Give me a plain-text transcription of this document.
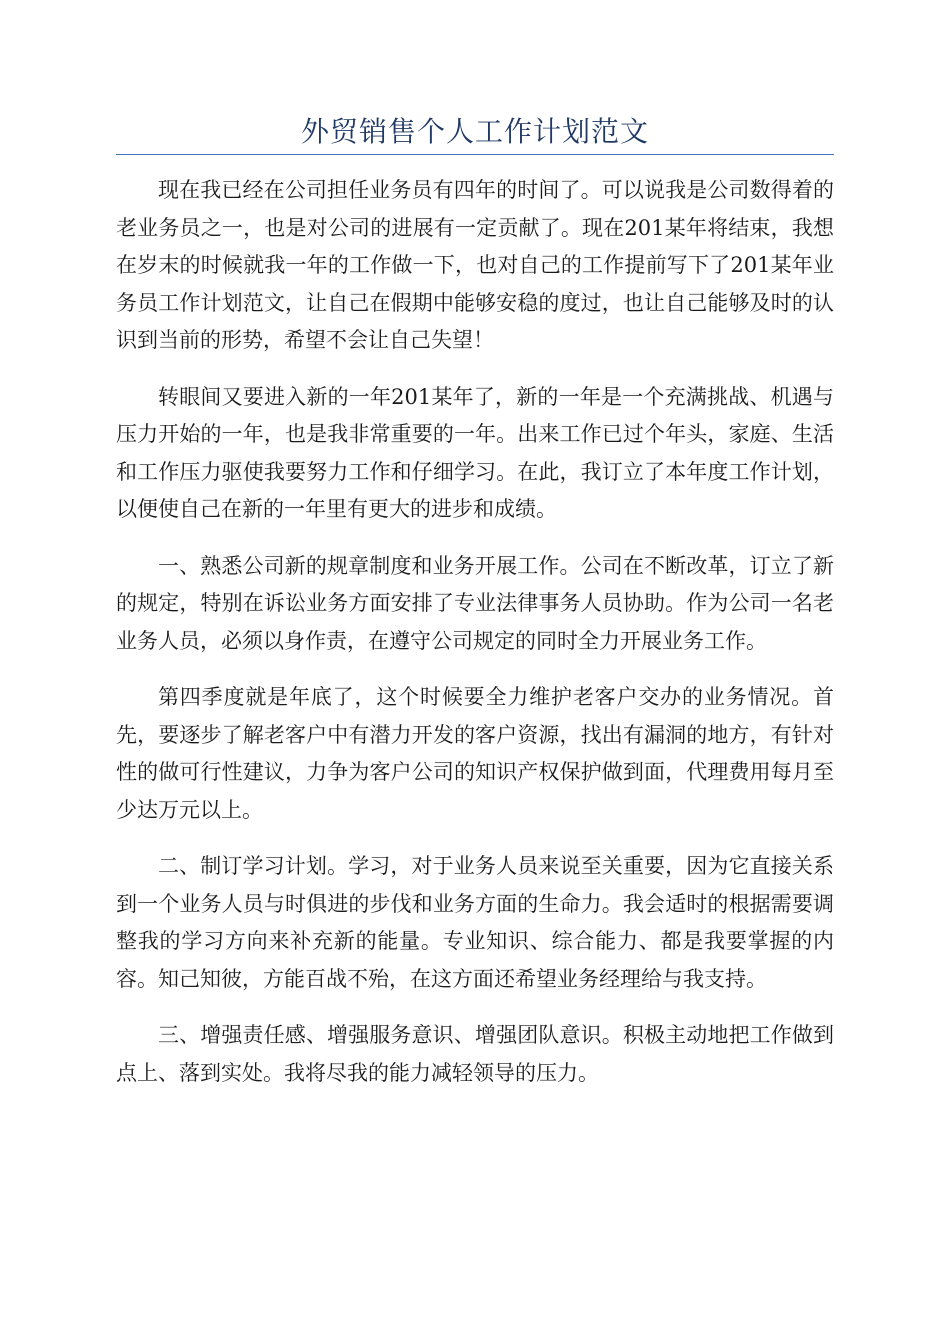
外贸销售个人工作计划范文

现在我已经在公司担任业务员有四年的时间了。可以说我是公司数得着的老业务员之一，也是对公司的进展有一定贡献了。现在201某年将结束，我想在岁末的时候就我一年的工作做一下，也对自己的工作提前写下了201某年业务员工作计划范文，让自己在假期中能够安稳的度过，也让自己能够及时的认识到当前的形势，希望不会让自己失望！

转眼间又要进入新的一年201某年了，新的一年是一个充满挑战、机遇与压力开始的一年，也是我非常重要的一年。出来工作已过个年头，家庭、生活和工作压力驱使我要努力工作和仔细学习。在此，我订立了本年度工作计划，以便使自己在新的一年里有更大的进步和成绩。

一、熟悉公司新的规章制度和业务开展工作。公司在不断改革，订立了新的规定，特别在诉讼业务方面安排了专业法律事务人员协助。作为公司一名老业务人员，必须以身作责，在遵守公司规定的同时全力开展业务工作。

第四季度就是年底了，这个时候要全力维护老客户交办的业务情况。首先，要逐步了解老客户中有潜力开发的客户资源，找出有漏洞的地方，有针对性的做可行性建议，力争为客户公司的知识产权保护做到面，代理费用每月至少达万元以上。

二、制订学习计划。学习，对于业务人员来说至关重要，因为它直接关系到一个业务人员与时俱进的步伐和业务方面的生命力。我会适时的根据需要调整我的学习方向来补充新的能量。专业知识、综合能力、都是我要掌握的内容。知己知彼，方能百战不殆，在这方面还希望业务经理给与我支持。

三、增强责任感、增强服务意识、增强团队意识。积极主动地把工作做到点上、落到实处。我将尽我的能力减轻领导的压力。
